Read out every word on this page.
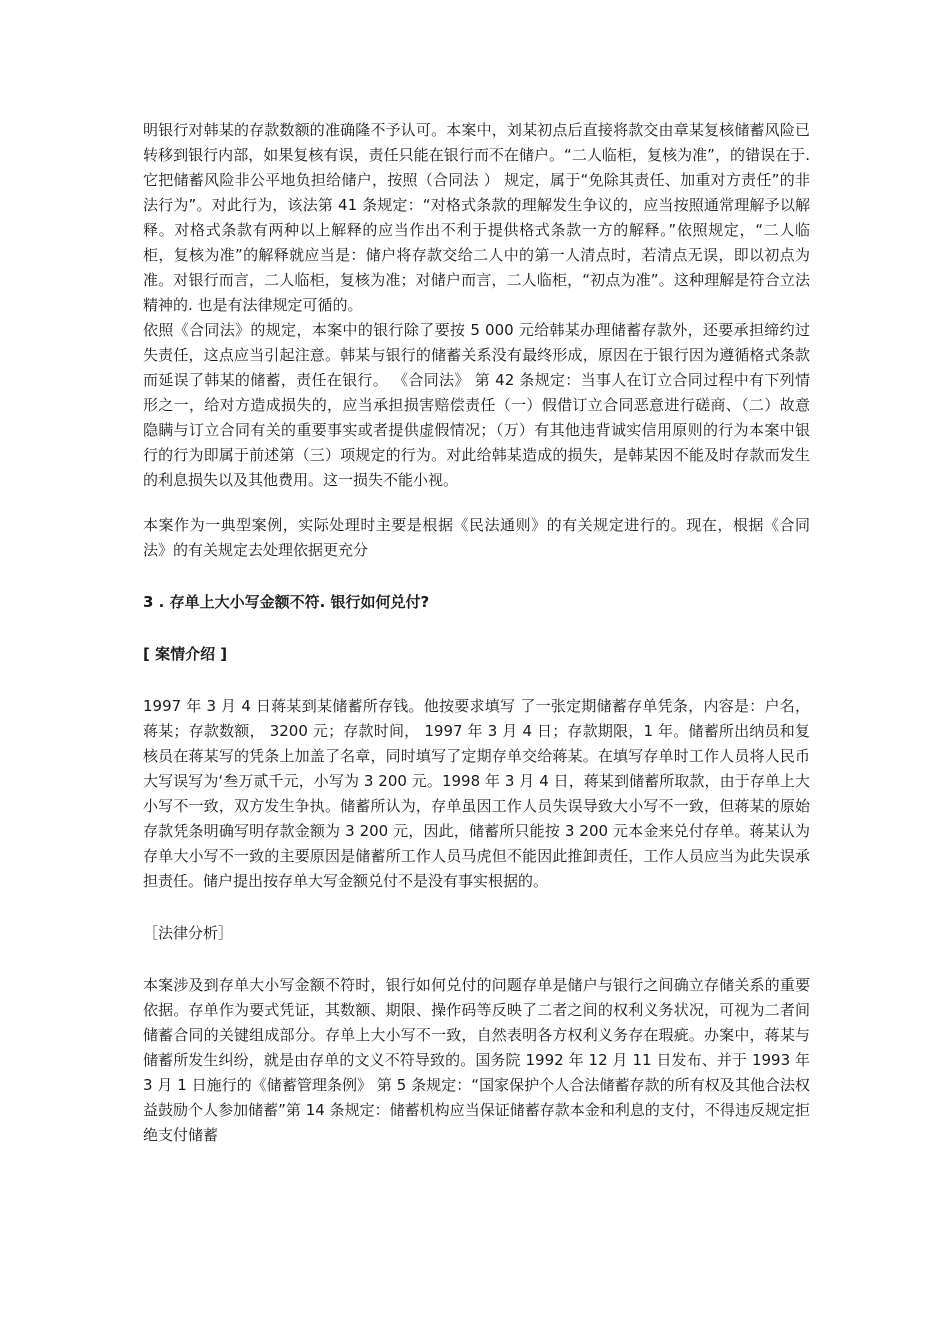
明银行对韩某的存款数额的准确隆不予认可。本案中，刘某初点后直接将款交由章某复核储蓄风险已转移到银行内部，如果复核有误，责任只能在银行而不在储户。“二人临柜，复核为准”，的错误在于. 它把储蓄风险非公平地负担给储户，按照（合同法 ） 规定，属于“免除其责任、加重对方责任”的非法行为”。对此行为，该法第 41 条规定：“对格式条款的理解发生争议的，应当按照通常理解予以解释。对格式条款有两种以上解释的应当作出不利于提供格式条款一方的解释。”依照规定，“二人临柜，复核为准”的解释就应当是：储户将存款交给二人中的第一人清点时，若清点无误，即以初点为准。对银行而言，二人临柜，复核为准；对储户而言，二人临柜，“初点为准”。这种理解是符合立法精神的. 也是有法律规定可循的。

依照《合同法》的规定，本案中的银行除了要按 5 000 元给韩某办理储蓄存款外，还要承担缔约过失责任，这点应当引起注意。韩某与银行的储蓄关系没有最终形成，原因在于银行因为遵循格式条款而延误了韩某的储蓄，责任在银行。 《合同法》 第 42 条规定：当事人在订立合同过程中有下列情形之一，给对方造成损失的，应当承担损害赔偿责任（一）假借订立合同恶意进行磋商、（二）故意隐瞒与订立合同有关的重要事实或者提供虚假情况；（万）有其他违背诚实信用原则的行为本案中银行的行为即属于前述第（三）项规定的行为。对此给韩某造成的损失，是韩某因不能及时存款而发生的利息损失以及其他费用。这一损失不能小视。

本案作为一典型案例，实际处理时主要是根据《民法通则》的有关规定进行的。现在，根据《合同法》的有关规定去处理依据更充分

3 . 存单上大小写金额不符. 银行如何兑付?

[ 案情介绍 ]

1997 年 3 月 4 日蒋某到某储蓄所存钱。他按要求填写 了一张定期储蓄存单凭条，内容是：户名，蒋某；存款数额， 3200 元；存款时间， 1997 年 3 月 4 日；存款期限，1 年。储蓄所出纳员和复核员在蒋某写的凭条上加盖了名章，同时填写了定期存单交给蒋某。在填写存单时工作人员将人民币大写误写为‘叁万贰千元，小写为 3 200 元。1998 年 3 月 4 日，蒋某到储蓄所取款，由于存单上大小写不一致，双方发生争执。储蓄所认为，存单虽因工作人员失误导致大小写不一致，但蒋某的原始存款凭条明确写明存款金额为 3 200 元，因此，储蓄所只能按 3 200 元本金来兑付存单。蒋某认为存单大小写不一致的主要原因是储蓄所工作人员马虎但不能因此推卸责任，工作人员应当为此失误承担责任。储户提出按存单大写金额兑付不是没有事实根据的。

［法律分析］

本案涉及到存单大小写金额不符时，银行如何兑付的问题存单是储户与银行之间确立存储关系的重要依据。存单作为要式凭证，其数额、期限、操作码等反映了二者之间的权利义务状况，可视为二者间储蓄合同的关键组成部分。存单上大小写不一致，自然表明各方权利义务存在瑕疵。办案中，蒋某与储蓄所发生纠纷，就是由存单的文义不符导致的。国务院 1992 年 12 月 11 日发布、并于 1993 年 3 月 1 日施行的《储蓄管理条例》 第 5 条规定：“国家保护个人合法储蓄存款的所有权及其他合法权益鼓励个人参加储蓄”第 14 条规定：储蓄机构应当保证储蓄存款本金和利息的支付，不得违反规定拒绝支付储蓄
